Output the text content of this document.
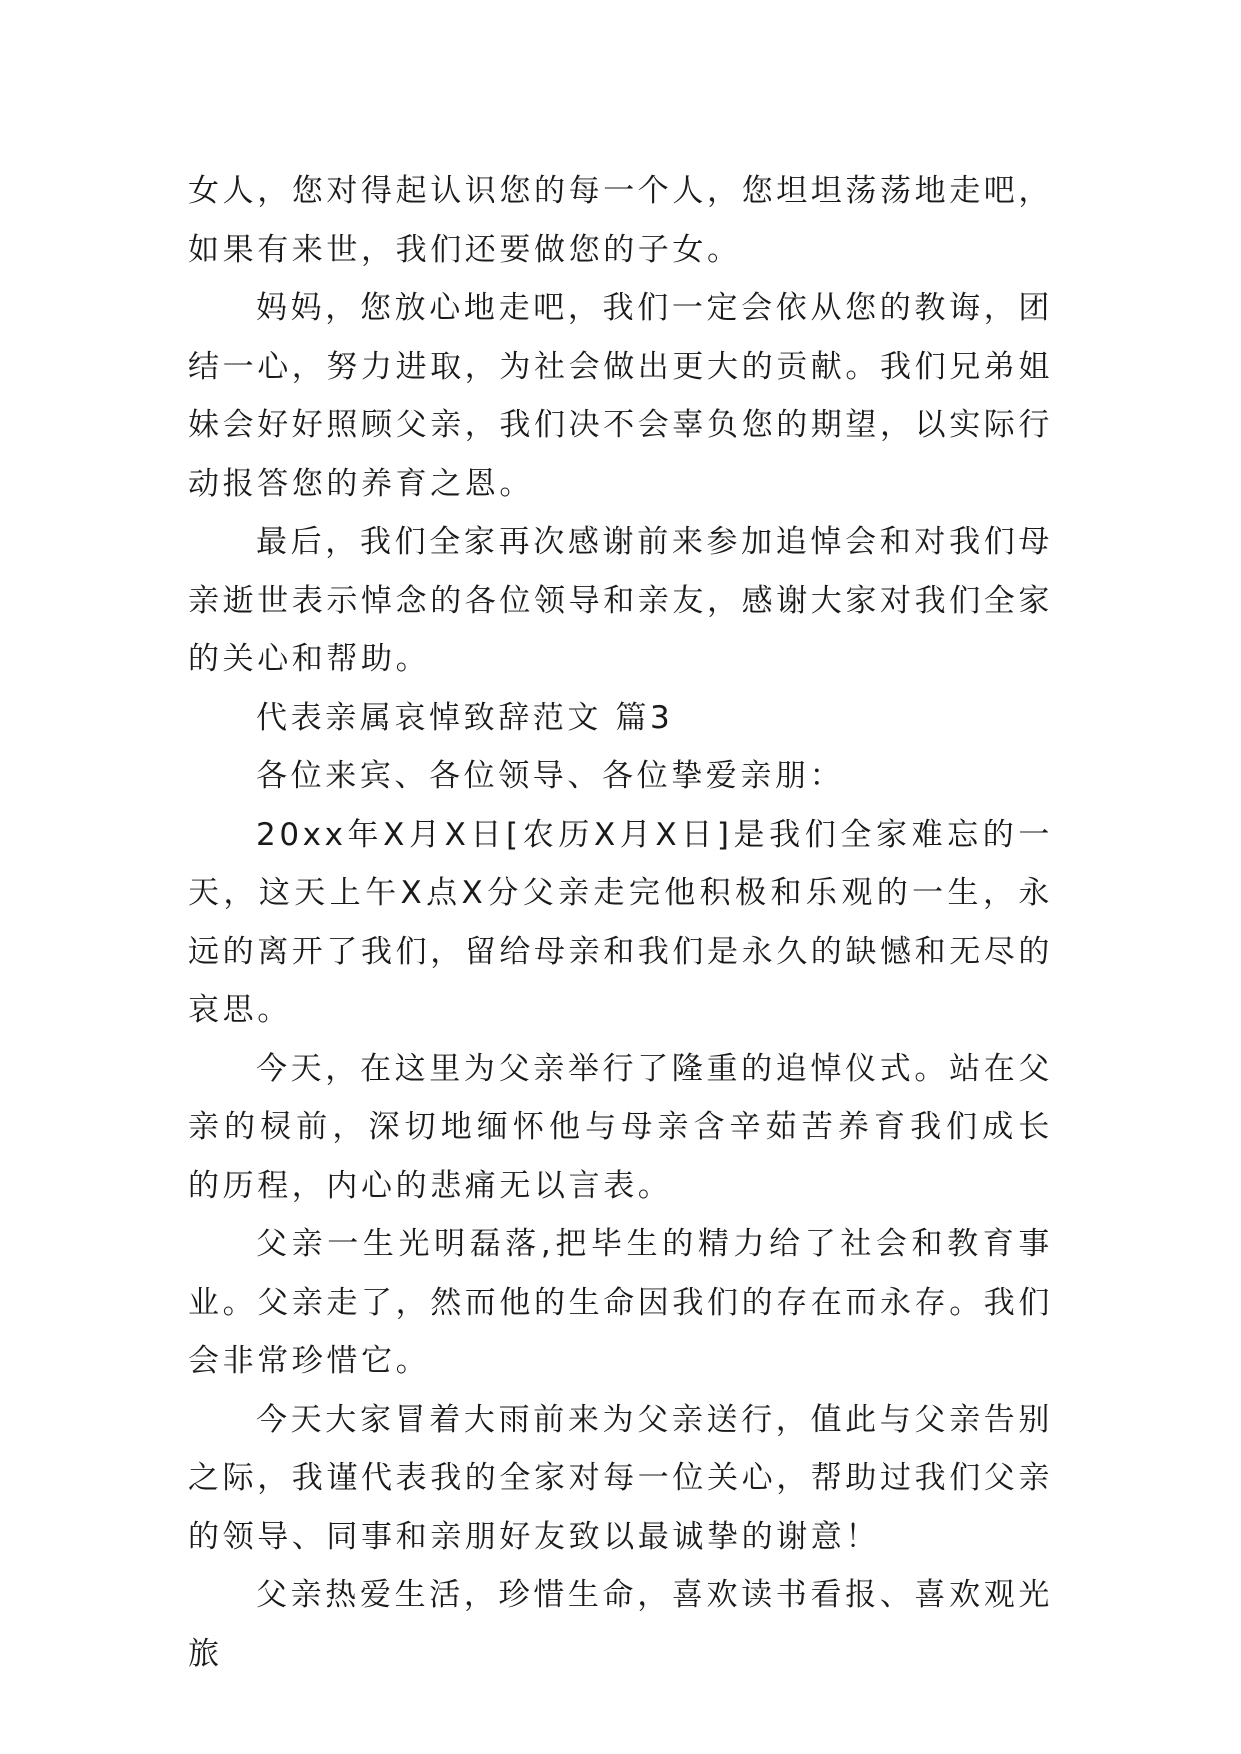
女人，您对得起认识您的每一个人，您坦坦荡荡地走吧，如果有来世，我们还要做您的子女。

妈妈，您放心地走吧，我们一定会依从您的教诲，团结一心，努力进取，为社会做出更大的贡献。我们兄弟姐妹会好好照顾父亲，我们决不会辜负您的期望，以实际行动报答您的养育之恩。

最后，我们全家再次感谢前来参加追悼会和对我们母亲逝世表示悼念的各位领导和亲友，感谢大家对我们全家的关心和帮助。

代表亲属哀悼致辞范文 篇3

各位来宾、各位领导、各位挚爱亲朋：

20xx年X月X日[农历X月X日]是我们全家难忘的一天，这天上午X点X分父亲走完他积极和乐观的一生，永远的离开了我们，留给母亲和我们是永久的缺憾和无尽的哀思。

今天，在这里为父亲举行了隆重的追悼仪式。站在父亲的棂前，深切地缅怀他与母亲含辛茹苦养育我们成长 的历程，内心的悲痛无以言表。

父亲一生光明磊落,把毕生的精力给了社会和教育事业。父亲走了，然而他的生命因我们的存在而永存。我们会非常珍惜它。

今天大家冒着大雨前来为父亲送行，值此与父亲告别之际，我谨代表我的全家对每一位关心，帮助过我们父亲的领导、同事和亲朋好友致以最诚挚的谢意！

父亲热爱生活，珍惜生命，喜欢读书看报、喜欢观光旅
